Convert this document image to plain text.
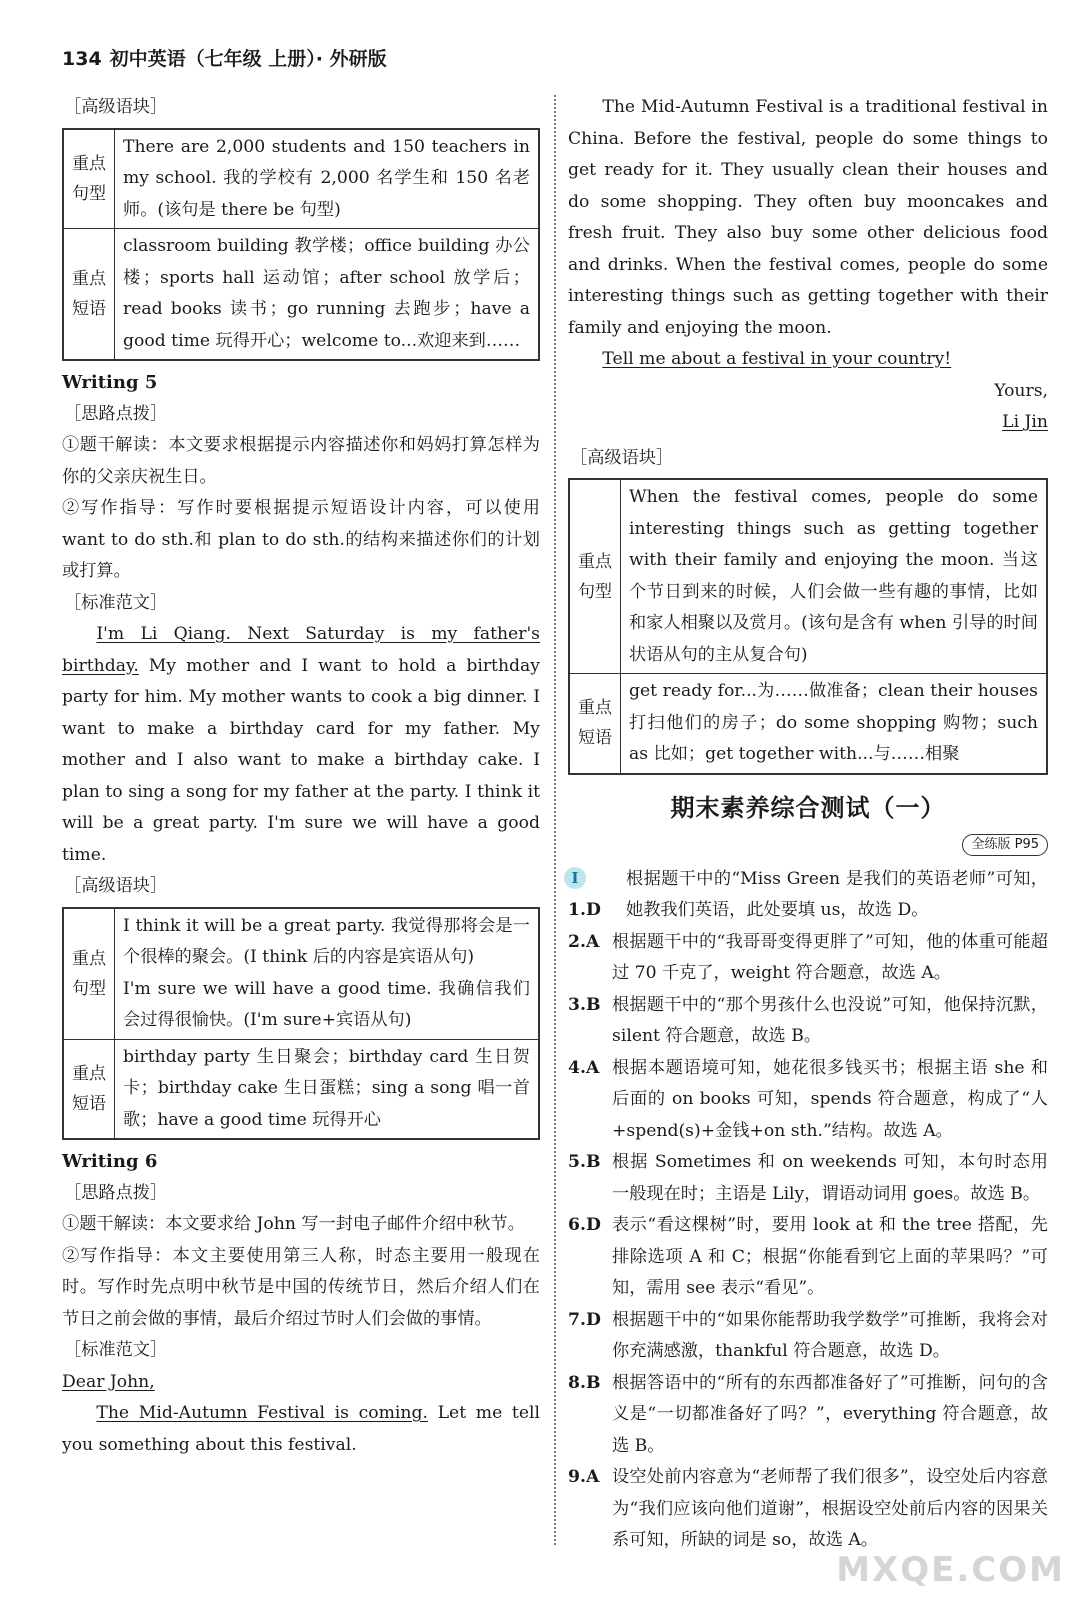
134 初中英语（七年级 上册）· 外研版

［高级语块］

重点
句型	There are 2,000 students and 150 teachers in my school. 我的学校有 2,000 名学生和 150 名老师。(该句是 there be 句型)
重点
短语	classroom building 教学楼；office building 办公楼；sports hall 运动馆；after school 放学后；read books 读书；go running 去跑步；have a good time 玩得开心；welcome to...欢迎来到……

Writing 5

［思路点拨］

①题干解读：本文要求根据提示内容描述你和妈妈打算怎样为你的父亲庆祝生日。

②写作指导：写作时要根据提示短语设计内容，可以使用 want to do sth.和 plan to do sth.的结构来描述你们的计划或打算。

［标准范文］

I'm Li Qiang. Next Saturday is my father's birthday. My mother and I want to hold a birthday party for him. My mother wants to cook a big dinner. I want to make a birthday card for my father. My mother and I also want to make a birthday cake. I plan to sing a song for my father at the party. I think it will be a great party. I'm sure we will have a good time.

［高级语块］

重点
句型	I think it will be a great party. 我觉得那将会是一个很棒的聚会。(I think 后的内容是宾语从句)
I'm sure we will have a good time. 我确信我们会过得很愉快。(I'm sure+宾语从句)
重点
短语	birthday party 生日聚会；birthday card 生日贺卡；birthday cake 生日蛋糕；sing a song 唱一首歌；have a good time 玩得开心

Writing 6

［思路点拨］

①题干解读：本文要求给 John 写一封电子邮件介绍中秋节。

②写作指导：本文主要使用第三人称，时态主要用一般现在时。写作时先点明中秋节是中国的传统节日，然后介绍人们在节日之前会做的事情，最后介绍过节时人们会做的事情。

［标准范文］

Dear John,

The Mid-Autumn Festival is coming. Let me tell you something about this festival.

The Mid-Autumn Festival is a traditional festival in China. Before the festival, people do some things to get ready for it. They usually clean their houses and do some shopping. They often buy mooncakes and fresh fruit. They also buy some other delicious food and drinks. When the festival comes, people do some interesting things such as getting together with their family and enjoying the moon.

Tell me about a festival in your country!

Yours,

Li Jin

［高级语块］

重点
句型	When the festival comes, people do some interesting things such as getting together with their family and enjoying the moon. 当这个节日到来的时候，人们会做一些有趣的事情，比如和家人相聚以及赏月。(该句是含有 when 引导的时间状语从句的主从复合句)
重点
短语	get ready for...为……做准备；clean their houses 打扫他们的房子；do some shopping 购物；such as 比如；get together with...与……相聚
期末素养综合测试（一）
全练版 P95
Ⅰ 1.D
根据题干中的“Miss Green 是我们的英语老师”可知，她教我们英语，此处要填 us，故选 D。
2.A 根据题干中的“我哥哥变得更胖了”可知，他的体重可能超过 70 千克了，weight 符合题意，故选 A。
3.B 根据题干中的“那个男孩什么也没说”可知，他保持沉默，silent 符合题意，故选 B。
4.A 根据本题语境可知，她花很多钱买书；根据主语 she 和后面的 on books 可知，spends 符合题意，构成了“人+spend(s)+金钱+on sth.”结构。故选 A。
5.B 根据 Sometimes 和 on weekends 可知，本句时态用一般现在时；主语是 Lily，谓语动词用 goes。故选 B。
6.D 表示“看这棵树”时，要用 look at 和 the tree 搭配，先排除选项 A 和 C；根据“你能看到它上面的苹果吗？”可知，需用 see 表示“看见”。
7.D 根据题干中的“如果你能帮助我学数学”可推断，我将会对你充满感激，thankful 符合题意，故选 D。
8.B 根据答语中的“所有的东西都准备好了”可推断，问句的含义是“一切都准备好了吗？”，everything 符合题意，故选 B。
9.A 设空处前内容意为“老师帮了我们很多”，设空处后内容意为“我们应该向他们道谢”，根据设空处前后内容的因果关系可知，所缺的词是 so，故选 A。
MXQE.COM
